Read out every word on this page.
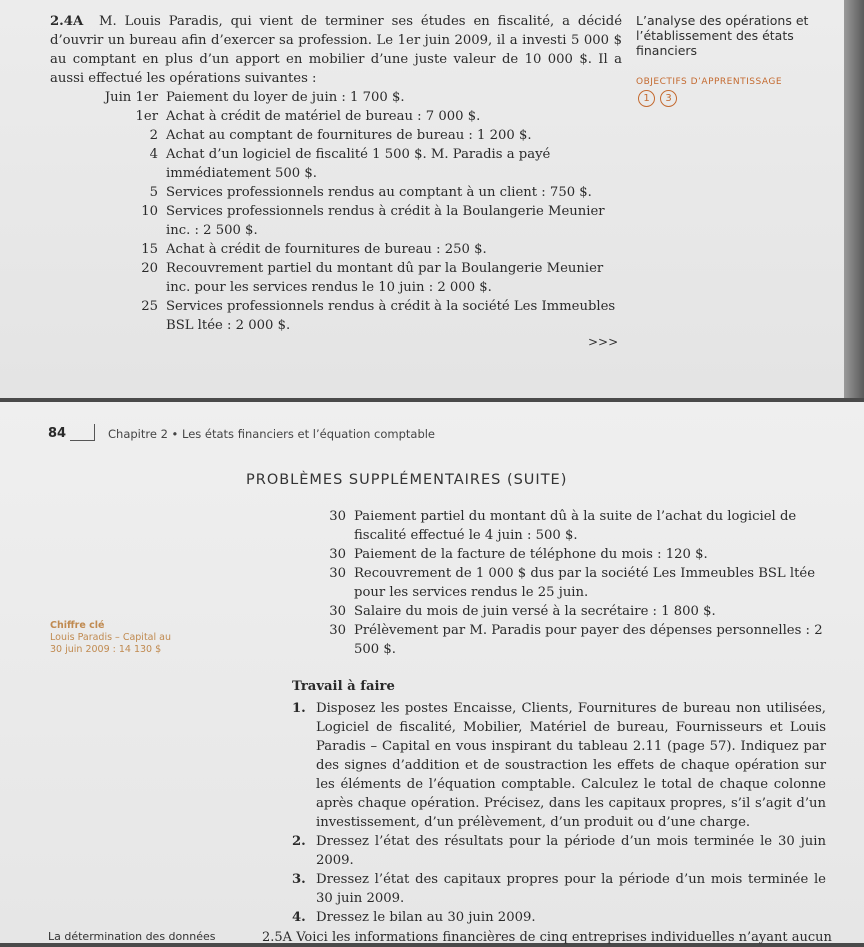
2.4A M. Louis Paradis, qui vient de terminer ses études en fiscalité, a décidé d’ouvrir un bureau afin d’exercer sa profession. Le 1er juin 2009, il a investi 5 000 $ au comptant en plus d’un apport en mobilier d’une juste valeur de 10 000 $. Il a aussi effectué les opérations suivantes :

Juin 1er Paiement du loyer de juin : 1 700 $.
1er Achat à crédit de matériel de bureau : 7 000 $.
2 Achat au comptant de fournitures de bureau : 1 200 $.
4 Achat d’un logiciel de fiscalité 1 500 $. M. Paradis a payé immédiatement 500 $.
5 Services professionnels rendus au comptant à un client : 750 $.
10 Services professionnels rendus à crédit à la Boulangerie Meunier inc. : 2 500 $.
15 Achat à crédit de fournitures de bureau : 250 $.
20 Recouvrement partiel du montant dû par la Boulangerie Meunier inc. pour les services rendus le 10 juin : 2 000 $.
25 Services professionnels rendus à crédit à la société Les Immeubles BSL ltée : 2 000 $.
>>>
L’analyse des opérations et l’établissement des états financiers
OBJECTIFS D’APPRENTISSAGE
1	3
84	Chapitre 2 • Les états financiers et l’équation comptable
PROBLÈMES SUPPLÉMENTAIRES (SUITE)
30 Paiement partiel du montant dû à la suite de l’achat du logiciel de fiscalité effectué le 4 juin : 500 $.
30 Paiement de la facture de téléphone du mois : 120 $.
30 Recouvrement de 1 000 $ dus par la société Les Immeubles BSL ltée pour les services rendus le 25 juin.
30 Salaire du mois de juin versé à la secrétaire : 1 800 $.
30 Prélèvement par M. Paradis pour payer des dépenses personnelles : 2 500 $.
Chiffre clé
Louis Paradis – Capital au
30 juin 2009 : 14 130 $
Travail à faire
1. Disposez les postes Encaisse, Clients, Fournitures de bureau non utilisées, Logiciel de fiscalité, Mobilier, Matériel de bureau, Fournisseurs et Louis Paradis – Capital en vous inspirant du tableau 2.11 (page 57). Indiquez par des signes d’addition et de soustraction les effets de chaque opération sur les éléments de l’équation comptable. Calculez le total de chaque colonne après chaque opération. Précisez, dans les capitaux propres, s’il s’agit d’un investissement, d’un prélèvement, d’un produit ou d’une charge.
2. Dressez l’état des résultats pour la période d’un mois terminée le 30 juin 2009.
3. Dressez l’état des capitaux propres pour la période d’un mois terminée le 30 juin 2009.
4. Dressez le bilan au 30 juin 2009.
La détermination des données	2.5A Voici les informations financières de cinq entreprises individuelles n’ayant aucun
